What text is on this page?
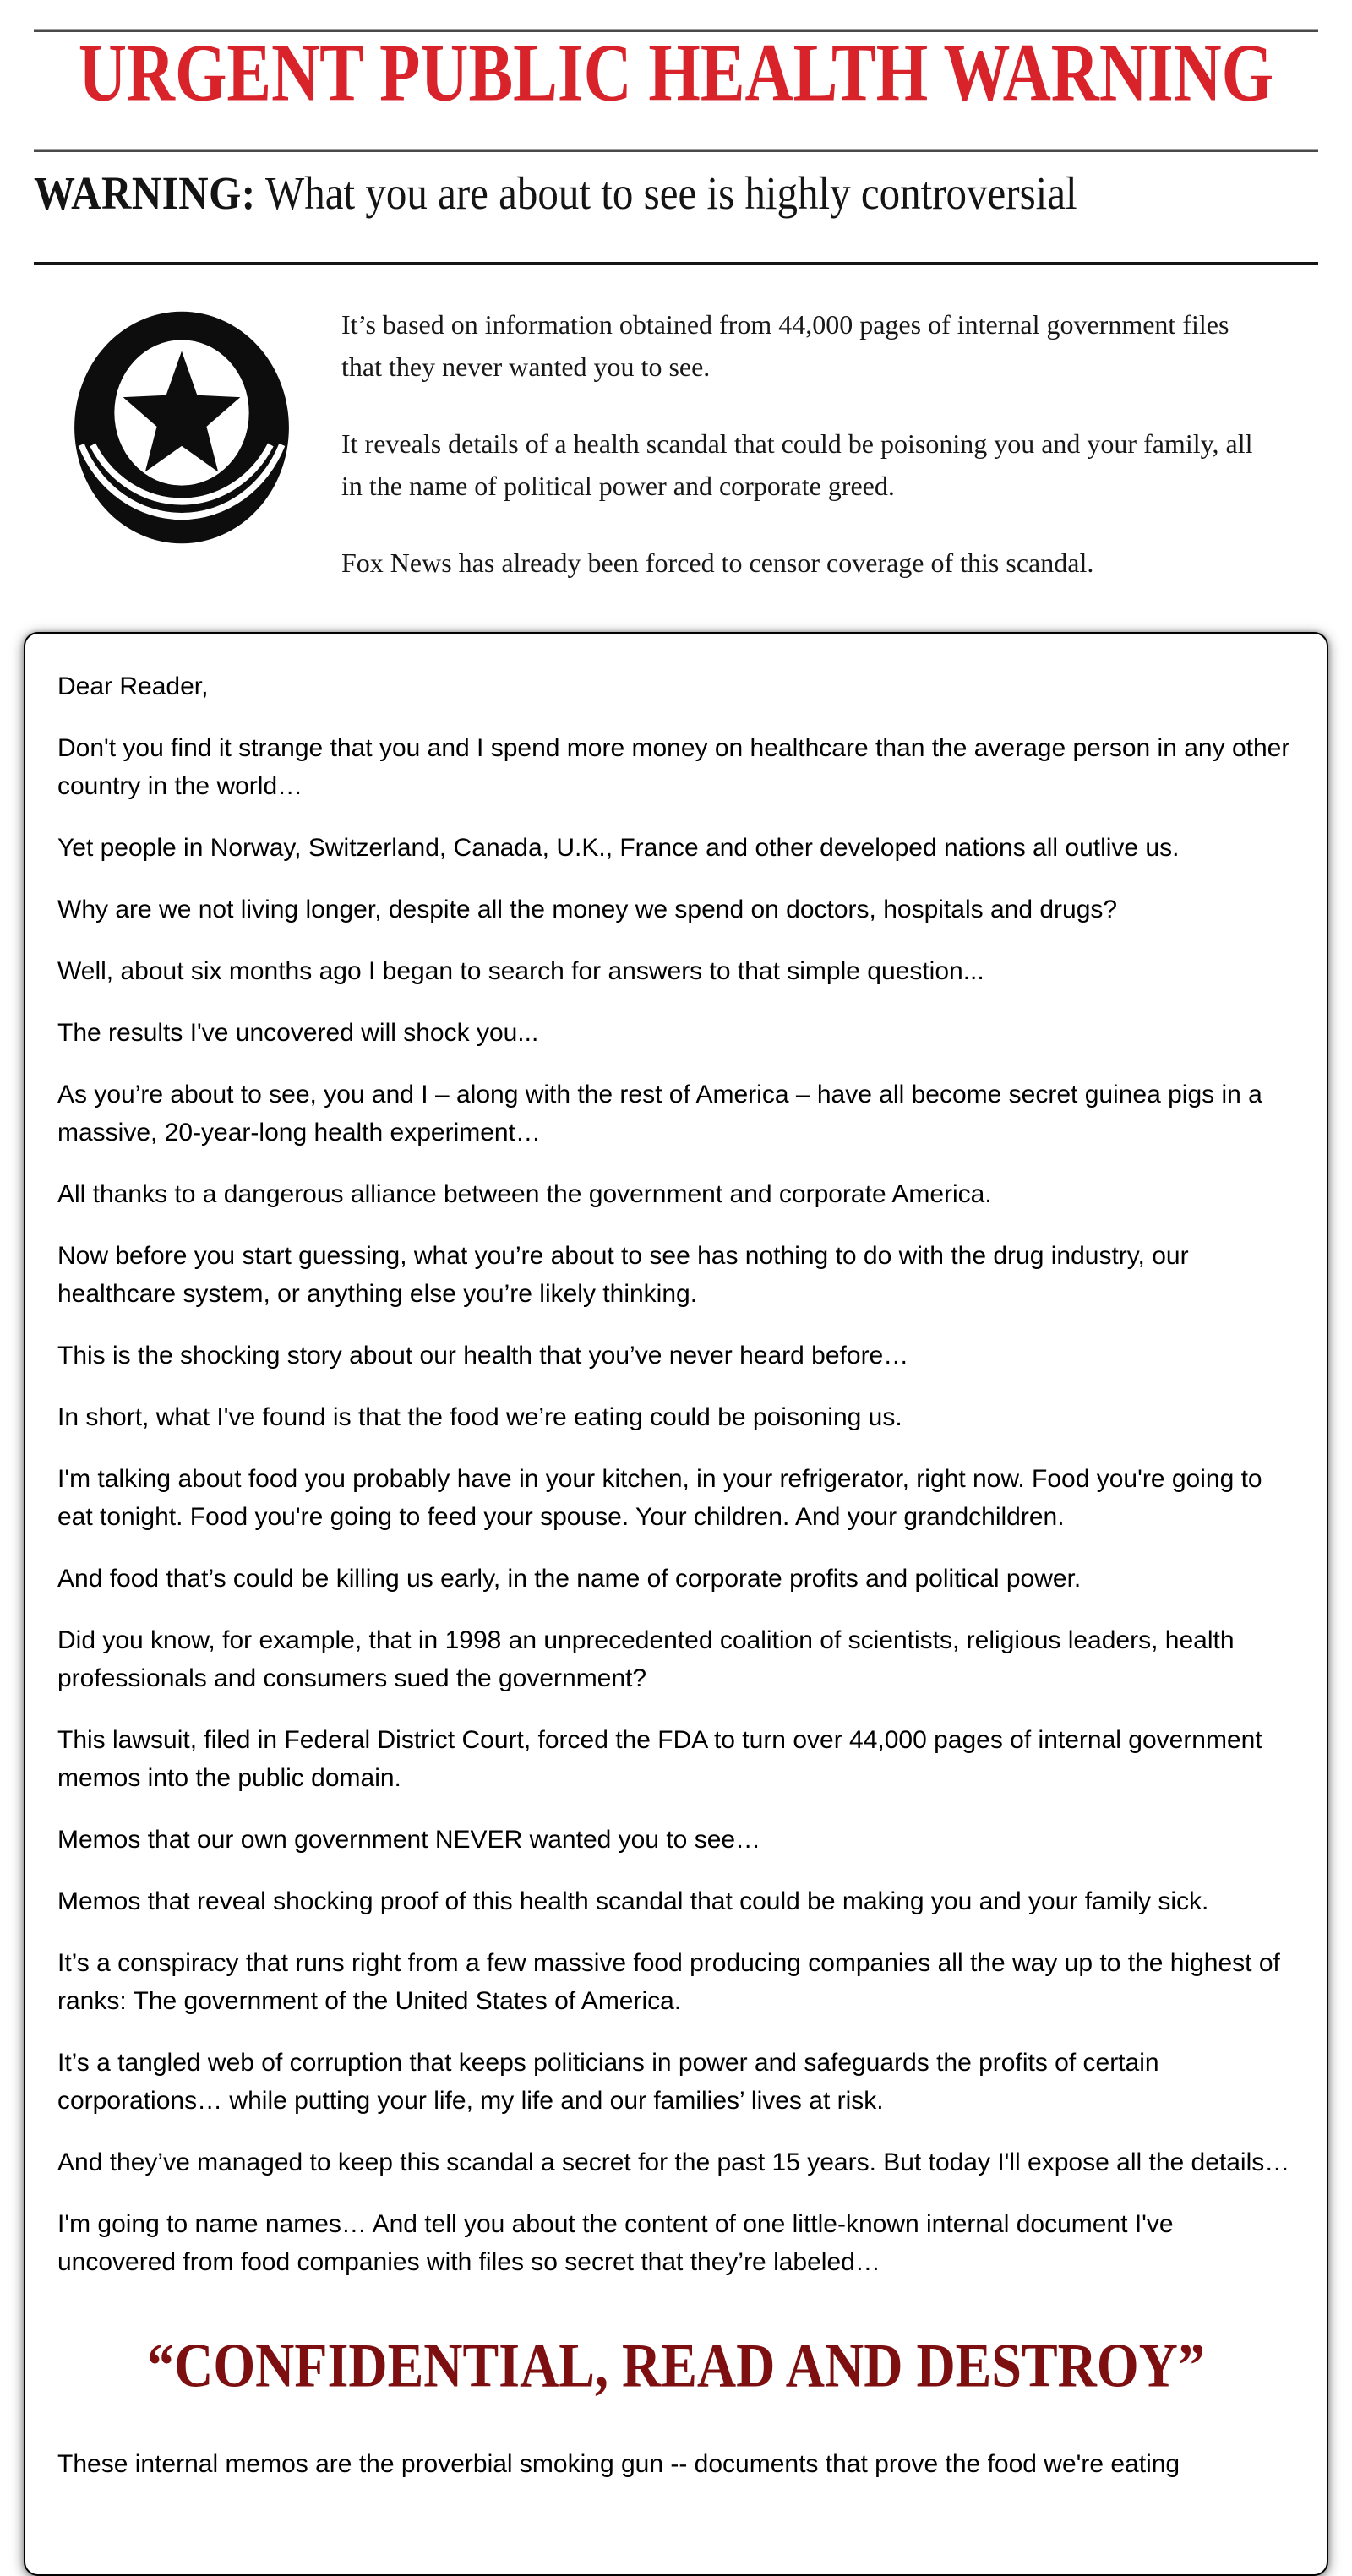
URGENT PUBLIC HEALTH WARNING
WARNING: What you are about to see is highly controversial

It’s based on information obtained from 44,000 pages of internal government files that they never wanted you to see.

It reveals details of a health scandal that could be poisoning you and your family, all in the name of political power and corporate greed.

Fox News has already been forced to censor coverage of this scandal.

Dear Reader,

Don't you find it strange that you and I spend more money on healthcare than the average person in any other country in the world…

Yet people in Norway, Switzerland, Canada, U.K., France and other developed nations all outlive us.

Why are we not living longer, despite all the money we spend on doctors, hospitals and drugs?

Well, about six months ago I began to search for answers to that simple question...

The results I've uncovered will shock you...

As you’re about to see, you and I – along with the rest of America – have all become secret guinea pigs in a massive, 20-year-long health experiment…

All thanks to a dangerous alliance between the government and corporate America.

Now before you start guessing, what you’re about to see has nothing to do with the drug industry, our healthcare system, or anything else you’re likely thinking.

This is the shocking story about our health that you’ve never heard before…

In short, what I've found is that the food we’re eating could be poisoning us.

I'm talking about food you probably have in your kitchen, in your refrigerator, right now. Food you're going to eat tonight. Food you're going to feed your spouse. Your children. And your grandchildren.

And food that’s could be killing us early, in the name of corporate profits and political power.

Did you know, for example, that in 1998 an unprecedented coalition of scientists, religious leaders, health professionals and consumers sued the government?

This lawsuit, filed in Federal District Court, forced the FDA to turn over 44,000 pages of internal government memos into the public domain.

Memos that our own government NEVER wanted you to see…

Memos that reveal shocking proof of this health scandal that could be making you and your family sick.

It’s a conspiracy that runs right from a few massive food producing companies all the way up to the highest of ranks: The government of the United States of America.

It’s a tangled web of corruption that keeps politicians in power and safeguards the profits of certain corporations… while putting your life, my life and our families’ lives at risk.

And they’ve managed to keep this scandal a secret for the past 15 years. But today I'll expose all the details…

I'm going to name names… And tell you about the content of one little-known internal document I've uncovered from food companies with files so secret that they’re labeled…

“CONFIDENTIAL, READ AND DESTROY”

These internal memos are the proverbial smoking gun -- documents that prove the food we're eating
